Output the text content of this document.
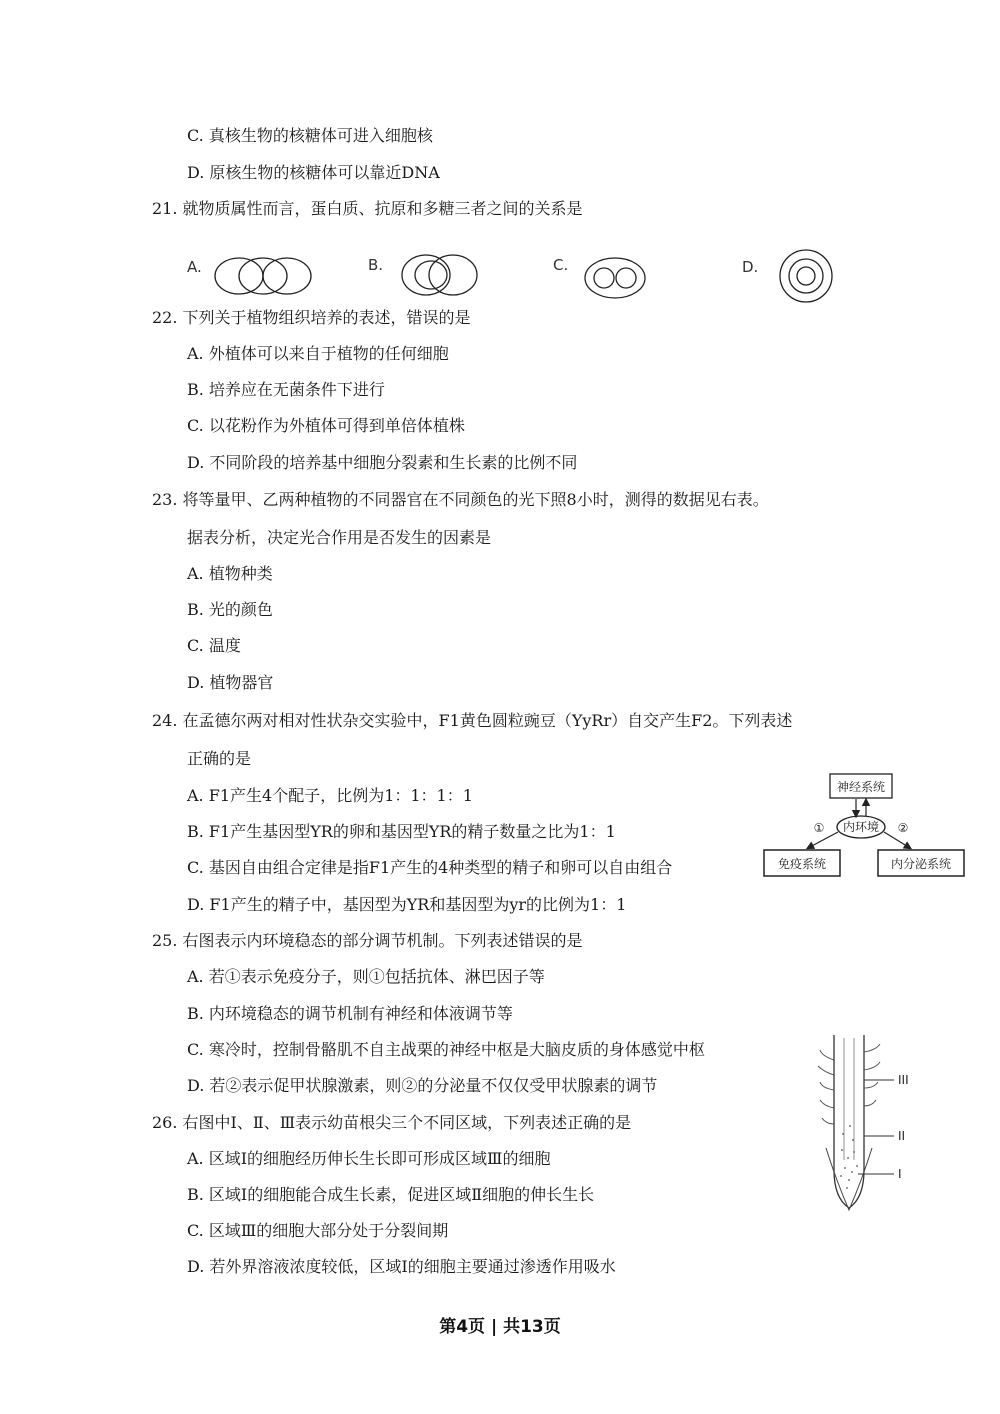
C. 真核生物的核糖体可进入细胞核
D. 原核生物的核糖体可以靠近DNA
21. 就物质属性而言，蛋白质、抗原和多糖三者之间的关系是
A.	B.	C.	D.
22. 下列关于植物组织培养的表述，错误的是
A. 外植体可以来自于植物的任何细胞
B. 培养应在无菌条件下进行
C. 以花粉作为外植体可得到单倍体植株
D. 不同阶段的培养基中细胞分裂素和生长素的比例不同
23. 将等量甲、乙两种植物的不同器官在不同颜色的光下照8小时，测得的数据见右表。
据表分析，决定光合作用是否发生的因素是
A. 植物种类
B. 光的颜色
C. 温度
D. 植物器官
24. 在孟德尔两对相对性状杂交实验中，F1黄色圆粒豌豆（YyRr）自交产生F2。下列表述
正确的是
A. F1产生4个配子，比例为1：1：1：1
B. F1产生基因型YR的卵和基因型YR的精子数量之比为1：1
C. 基因自由组合定律是指F1产生的4种类型的精子和卵可以自由组合
D. F1产生的精子中，基因型为YR和基因型为yr的比例为1：1
神经系统
内环境
①	②
免疫系统	内分泌系统
25. 右图表示内环境稳态的部分调节机制。下列表述错误的是
A. 若①表示免疫分子，则①包括抗体、淋巴因子等
B. 内环境稳态的调节机制有神经和体液调节等
C. 寒冷时，控制骨骼肌不自主战栗的神经中枢是大脑皮质的身体感觉中枢
D. 若②表示促甲状腺激素，则②的分泌量不仅仅受甲状腺素的调节	III
II
I
26. 右图中Ⅰ、Ⅱ、Ⅲ表示幼苗根尖三个不同区域，下列表述正确的是
A. 区域Ⅰ的细胞经历伸长生长即可形成区域Ⅲ的细胞
B. 区域Ⅰ的细胞能合成生长素，促进区域Ⅱ细胞的伸长生长
C. 区域Ⅲ的细胞大部分处于分裂间期
D. 若外界溶液浓度较低，区域Ⅰ的细胞主要通过渗透作用吸水
第4页 | 共13页
